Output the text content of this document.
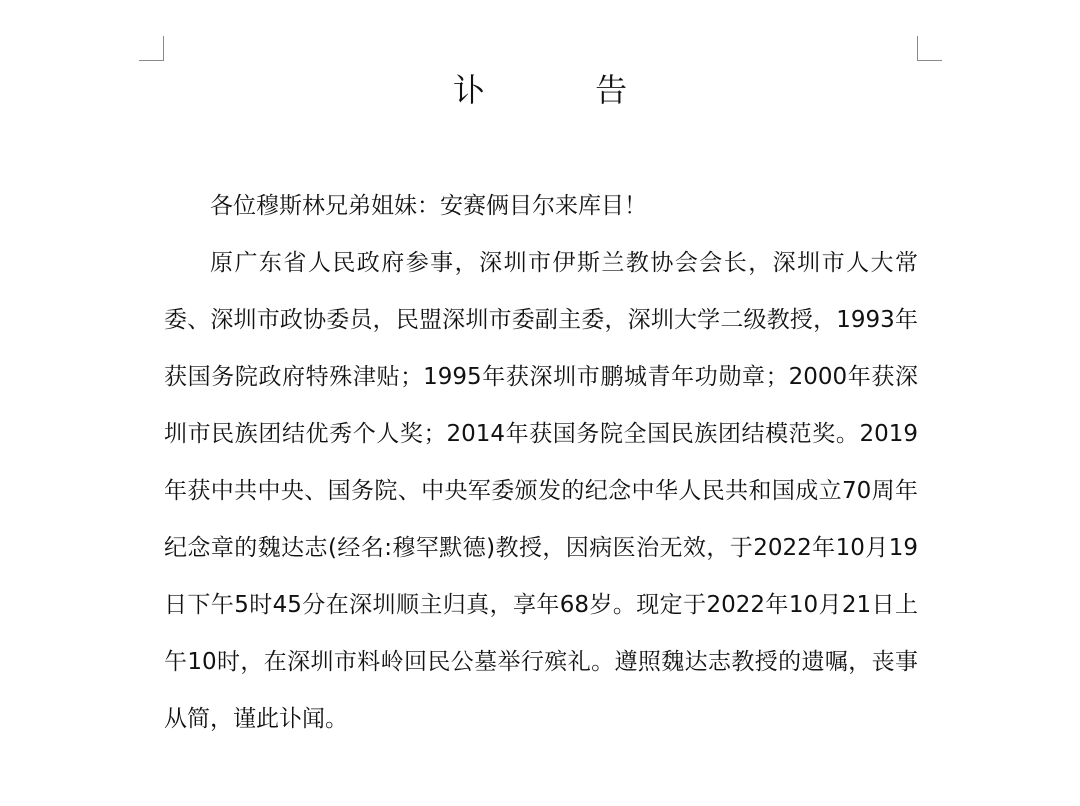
讣 告

各位穆斯林兄弟姐妹：安赛俩目尔来库目！

原广东省人民政府参事，深圳市伊斯兰教协会会长，深圳市人大常委、深圳市政协委员，民盟深圳市委副主委，深圳大学二级教授，1993年获国务院政府特殊津贴；1995年获深圳市鹏城青年功勋章；2000年获深圳市民族团结优秀个人奖；2014年获国务院全国民族团结模范奖。2019年获中共中央、国务院、中央军委颁发的纪念中华人民共和国成立70周年纪念章的魏达志(经名:穆罕默德)教授，因病医治无效，于2022年10月19日下午5时45分在深圳顺主归真，享年68岁。现定于2022年10月21日上午10时，在深圳市料岭回民公墓举行殡礼。遵照魏达志教授的遗嘱，丧事从简，谨此讣闻。
